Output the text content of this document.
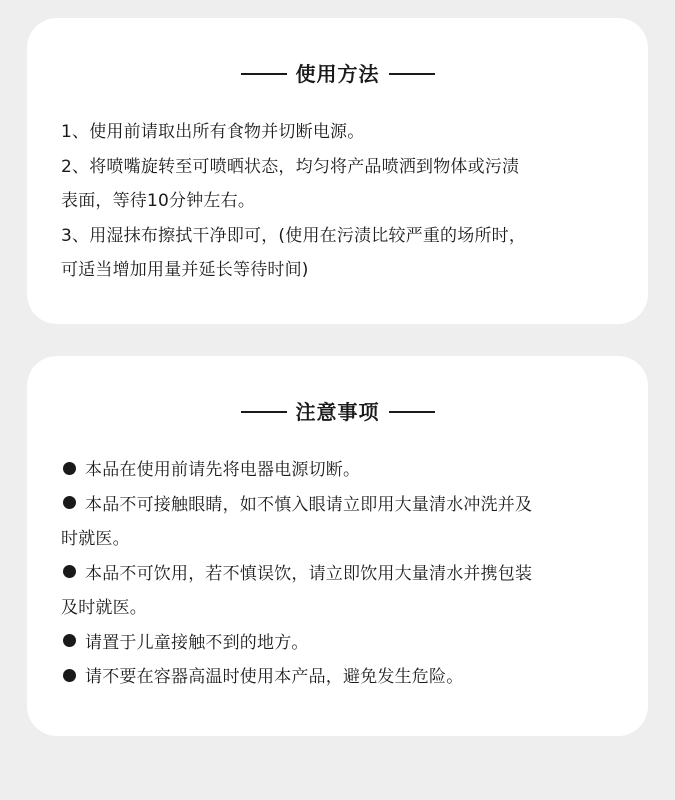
使用方法

1、使用前请取出所有食物并切断电源。

2、将喷嘴旋转至可喷晒状态，均匀将产品喷洒到物体或污渍

表面，等待10分钟左右。

3、用湿抹布擦拭干净即可，(使用在污渍比较严重的场所时，

可适当增加用量并延长等待时间)

注意事项

本品在使用前请先将电器电源切断。

本品不可接触眼睛，如不慎入眼请立即用大量清水冲洗并及

时就医。

本品不可饮用，若不慎误饮，请立即饮用大量清水并携包装

及时就医。

请置于儿童接触不到的地方。

请不要在容器高温时使用本产品，避免发生危险。
